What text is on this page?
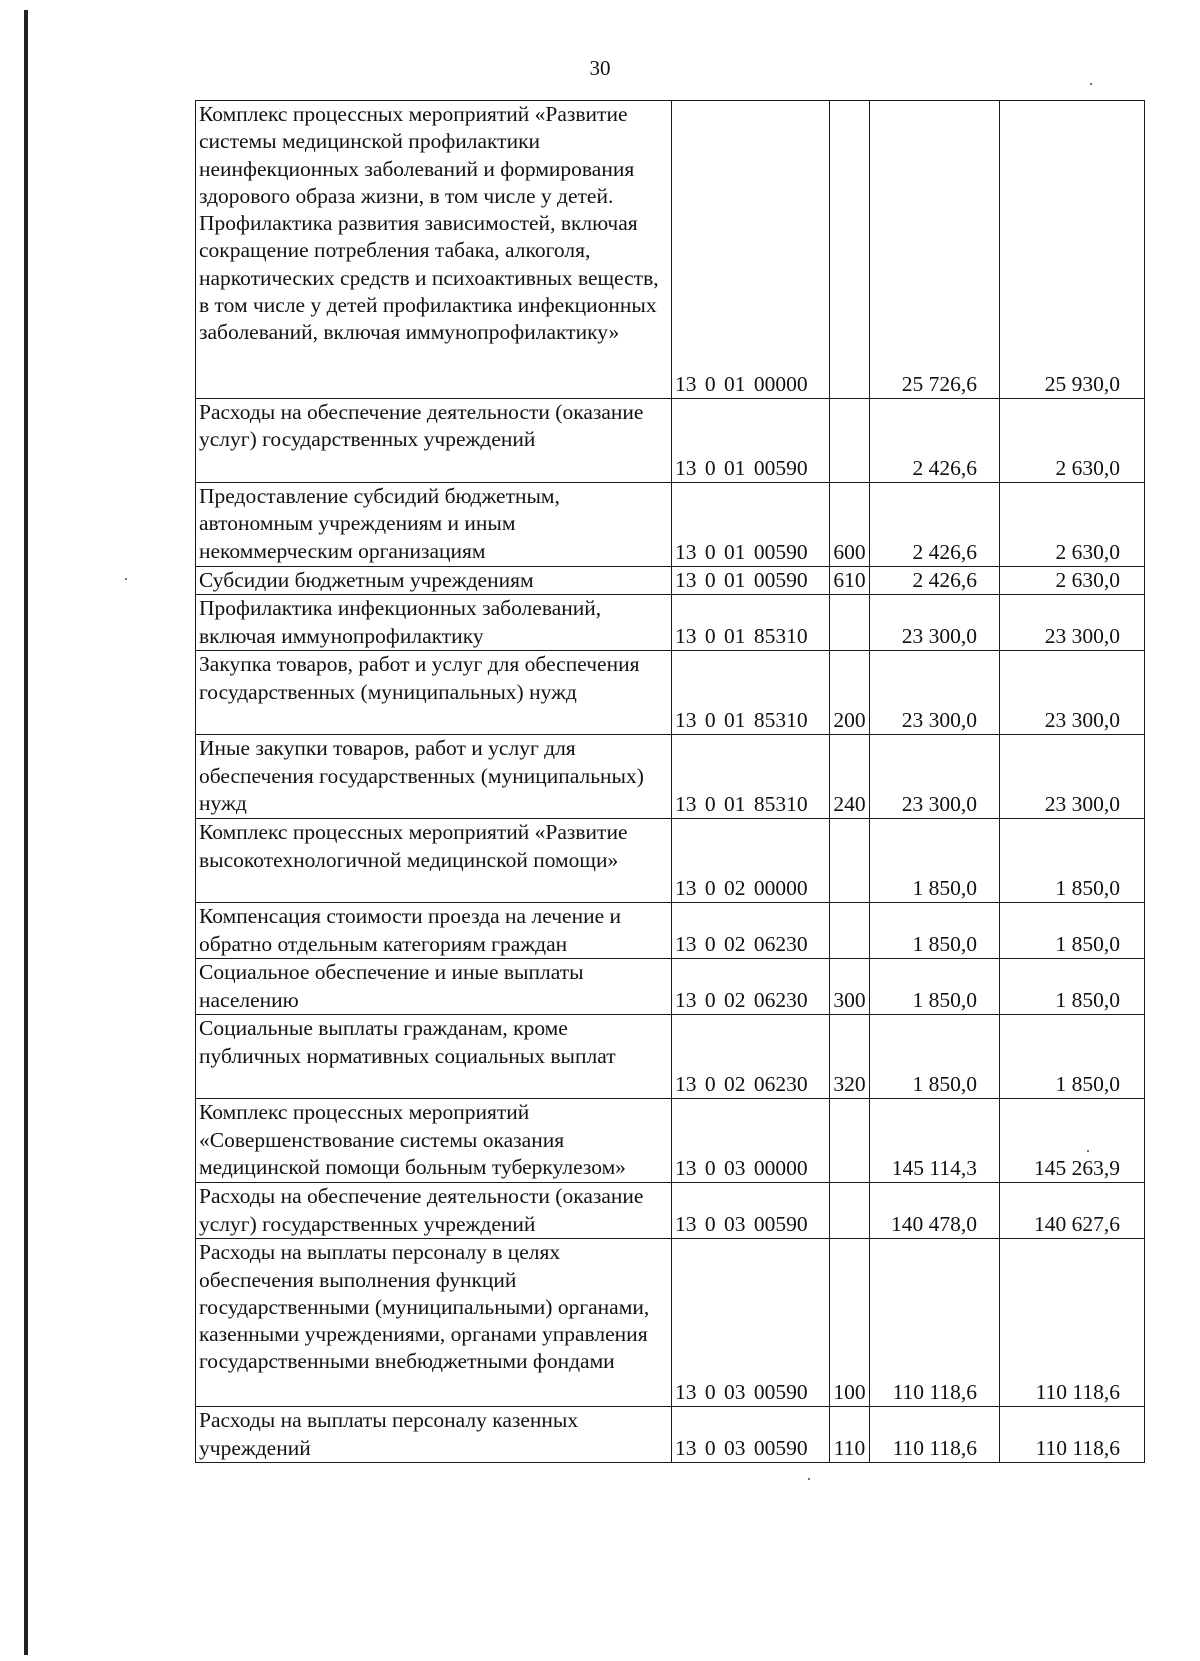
30
Комплекс процессных мероприятий «Развитие системы медицинской профилактики неинфекционных заболеваний и формирования здорового образа жизни, в том числе у детей. Профилактика развития зависимостей, включая сокращение потребления табака, алкоголя, наркотических средств и психоактивных веществ, в том числе у детей профилактика инфекционных заболеваний, включая иммунопрофилактику»	13 0 01 00000		25 726,6	25 930,0

Расходы на обеспечение деятельности (оказание услуг) государственных учреждений	13 0 01 00590		2 426,6	2 630,0

Предоставление субсидий бюджетным, автономным учреждениям и иным некоммерческим организациям	13 0 01 00590	600	2 426,6	2 630,0

Субсидии бюджетным учреждениям	13 0 01 00590	610	2 426,6	2 630,0

Профилактика инфекционных заболеваний, включая иммунопрофилактику	13 0 01 85310		23 300,0	23 300,0

Закупка товаров, работ и услуг для обеспечения государственных (муниципальных) нужд	13 0 01 85310	200	23 300,0	23 300,0

Иные закупки товаров, работ и услуг для обеспечения государственных (муниципальных) нужд	13 0 01 85310	240	23 300,0	23 300,0

Комплекс процессных мероприятий «Развитие высокотехнологичной медицинской помощи»	13 0 02 00000		1 850,0	1 850,0

Компенсация стоимости проезда на лечение и обратно отдельным категориям граждан	13 0 02 06230		1 850,0	1 850,0

Социальное обеспечение и иные выплаты населению	13 0 02 06230	300	1 850,0	1 850,0

Социальные выплаты гражданам, кроме публичных нормативных социальных выплат	13 0 02 06230	320	1 850,0	1 850,0

Комплекс процессных мероприятий «Совершенствование системы оказания медицинской помощи больным туберкулезом»	13 0 03 00000		145 114,3	145 263,9

Расходы на обеспечение деятельности (оказание услуг) государственных учреждений	13 0 03 00590		140 478,0	140 627,6

Расходы на выплаты персоналу в целях обеспечения выполнения функций государственными (муниципальными) органами, казенными учреждениями, органами управления государственными внебюджетными фондами	13 0 03 00590	100	110 118,6	110 118,6

Расходы на выплаты персоналу казенных учреждений	13 0 03 00590	110	110 118,6	110 118,6
